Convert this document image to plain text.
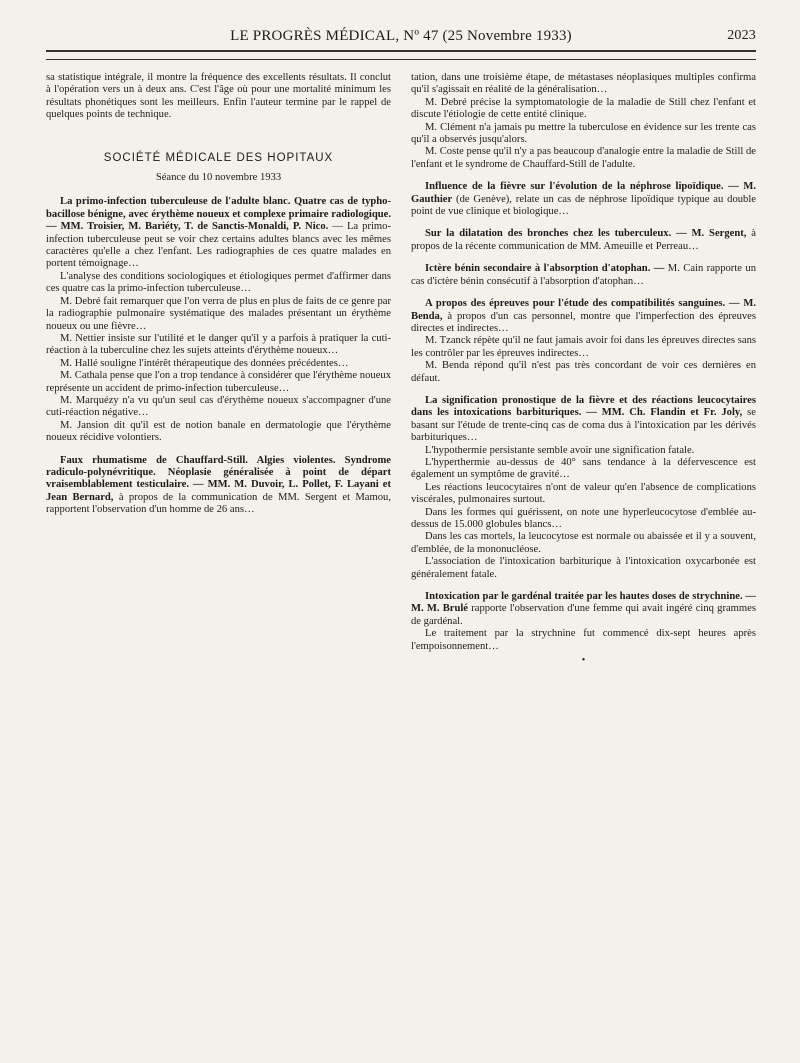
LE PROGRÈS MÉDICAL, Nº 47 (25 Novembre 1933)	2023

sa statistique intégrale, il montre la fréquence des excellents résultats. Il conclut à l'opération vers un à deux ans. C'est l'âge où pour une mortalité minimum les résultats phonétiques sont les meilleurs. Enfin l'auteur termine par le rappel de quelques points de technique.

SOCIÉTÉ MÉDICALE DES HOPITAUX
Séance du 10 novembre 1933

La primo-infection tuberculeuse de l'adulte blanc. Quatre cas de typho-bacillose bénigne, avec érythème noueux et complexe primaire radiologique. — MM. Troisier, M. Bariéty, T. de Sanctis-Monaldi, P. Nico. — La primo-infection tuberculeuse peut se voir chez certains adultes blancs avec les mêmes caractères qu'elle a chez l'enfant. Les radiographies de ces quatre malades en portent témoignage…

L'analyse des conditions sociologiques et étiologiques permet d'affirmer dans ces quatre cas la primo-infection tuberculeuse…

M. Debré fait remarquer que l'on verra de plus en plus de faits de ce genre par la radiographie pulmonaire systématique des malades présentant un érythème noueux ou une fièvre…

M. Nettier insiste sur l'utilité et le danger qu'il y a parfois à pratiquer la cuti-réaction à la tuberculine chez les sujets atteints d'érythème noueux…

M. Hallé souligne l'intérêt thérapeutique des données précédentes…

M. Cathala pense que l'on a trop tendance à considérer que l'érythème noueux représente un accident de primo-infection tuberculeuse…

M. Marquézy n'a vu qu'un seul cas d'érythème noueux s'accompagner d'une cuti-réaction négative…

M. Jansion dit qu'il est de notion banale en dermatologie que l'érythème noueux récidive volontiers.

Faux rhumatisme de Chauffard-Still. Algies violentes. Syndrome radiculo-polynévritique. Néoplasie généralisée à point de départ vraisemblablement testiculaire. — MM. M. Duvoir, L. Pollet, F. Layani et Jean Bernard, à propos de la communication de MM. Sergent et Mamou, rapportent l'observation d'un homme de 26 ans…

tation, dans une troisième étape, de métastases néoplasiques multiples confirma qu'il s'agissait en réalité de la généralisation…

M. Debré précise la symptomatologie de la maladie de Still chez l'enfant et discute l'étiologie de cette entité clinique.

M. Clément n'a jamais pu mettre la tuberculose en évidence sur les trente cas qu'il a observés jusqu'alors.

M. Coste pense qu'il n'y a pas beaucoup d'analogie entre la maladie de Still de l'enfant et le syndrome de Chauffard-Still de l'adulte.

Influence de la fièvre sur l'évolution de la néphrose lipoïdique. — M. Gauthier (de Genève), relate un cas de néphrose lipoïdique typique au double point de vue clinique et biologique…

Sur la dilatation des bronches chez les tuberculeux. — M. Sergent, à propos de la récente communication de MM. Ameuille et Perreau…

Ictère bénin secondaire à l'absorption d'atophan. — M. Cain rapporte un cas d'ictère bénin consécutif à l'absorption d'atophan…

A propos des épreuves pour l'étude des compatibilités sanguines. — M. Benda, à propos d'un cas personnel, montre que l'imperfection des épreuves directes et indirectes…

M. Tzanck répète qu'il ne faut jamais avoir foi dans les épreuves directes sans les contrôler par les épreuves indirectes…

M. Benda répond qu'il n'est pas très concordant de voir ces dernières en défaut.

La signification pronostique de la fièvre et des réactions leucocytaires dans les intoxications barbituriques. — MM. Ch. Flandin et Fr. Joly, se basant sur l'étude de trente-cinq cas de coma dus à l'intoxication par les dérivés barbituriques…

L'hypothermie persistante semble avoir une signification fatale.

L'hyperthermie au-dessus de 40° sans tendance à la défervescence est également un symptôme de gravité…

Les réactions leucocytaires n'ont de valeur qu'en l'absence de complications viscérales, pulmonaires surtout.

Dans les formes qui guérissent, on note une hyperleucocytose d'emblée au-dessus de 15.000 globules blancs…

Dans les cas mortels, la leucocytose est normale ou abaissée et il y a souvent, d'emblée, de la mononucléose.

L'association de l'intoxication barbiturique à l'intoxication oxycarbonée est généralement fatale.

Intoxication par le gardénal traitée par les hautes doses de strychnine. — M. M. Brulé rapporte l'observation d'une femme qui avait ingéré cinq grammes de gardénal.

Le traitement par la strychnine fut commencé dix-sept heures après l'empoisonnement…

•
